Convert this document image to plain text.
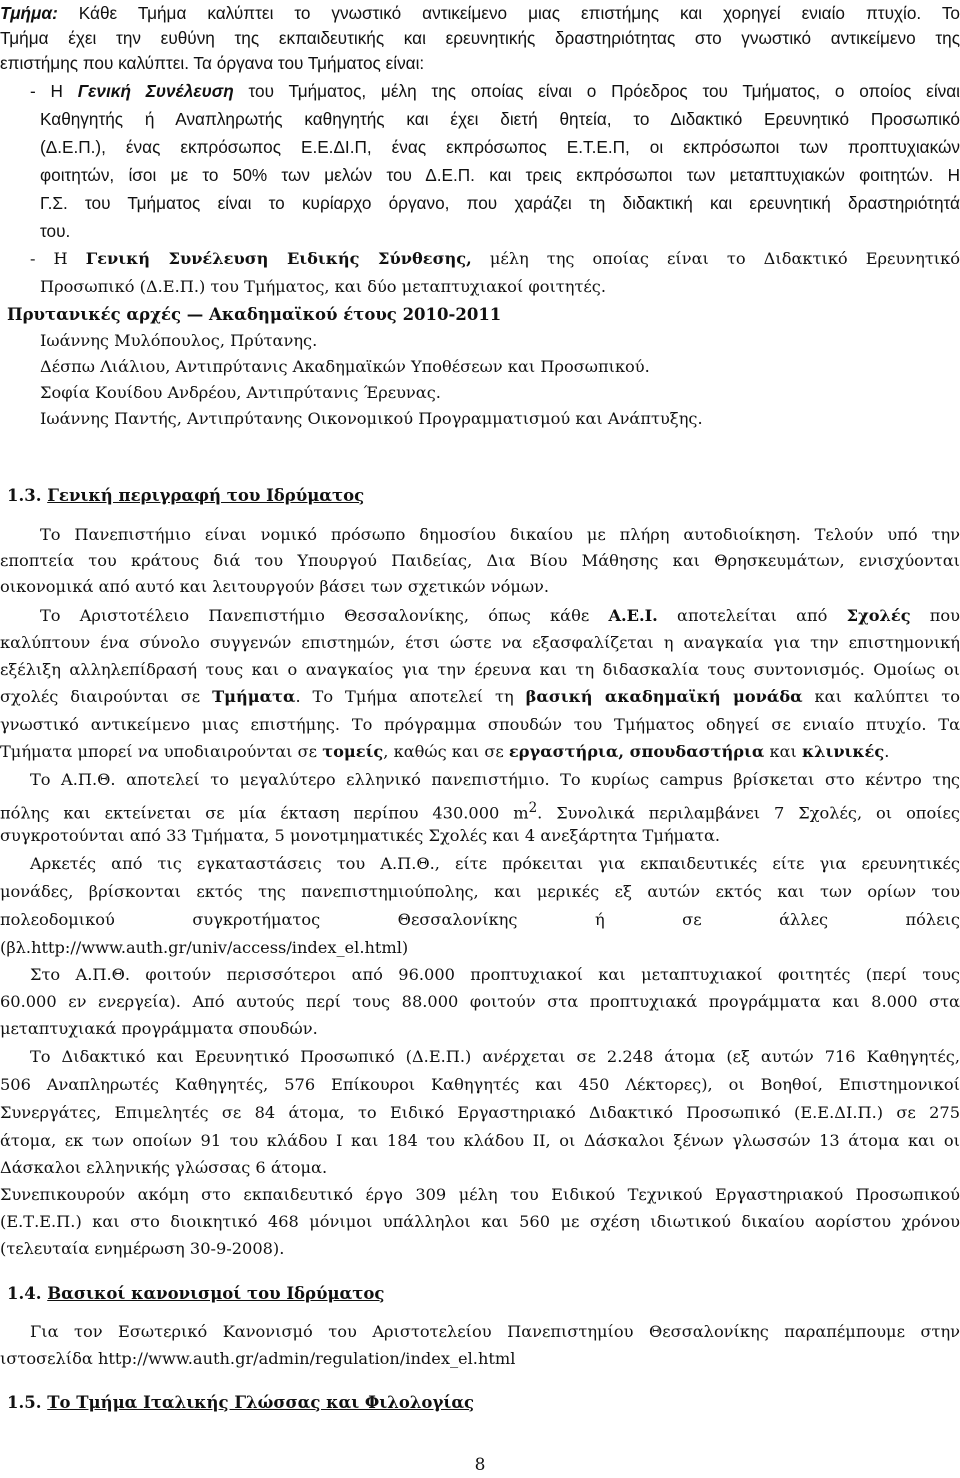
Τμήμα: Κάθε Τμήμα καλύπτει το γνωστικό αντικείμενο μιας επιστήμης και χορηγεί ενιαίο πτυχίο. Το
Τμήμα έχει την ευθύνη της εκπαιδευτικής και ερευνητικής δραστηριότητας στο γνωστικό αντικείμενο της
επιστήμης που καλύπτει. Τα όργανα του Τμήματος είναι:
- Η Γενική Συνέλευση του Τμήματος, μέλη της οποίας είναι ο Πρόεδρος του Τμήματος, ο οποίος είναι
Καθηγητής ή Αναπληρωτής καθηγητής και έχει διετή θητεία, το Διδακτικό Ερευνητικό Προσωπικό
(Δ.Ε.Π.), ένας εκπρόσωπος Ε.Ε.ΔΙ.Π, ένας εκπρόσωπος Ε.Τ.Ε.Π, οι εκπρόσωποι των προπτυχιακών
φοιτητών, ίσοι με το 50% των μελών του Δ.Ε.Π. και τρεις εκπρόσωποι των μεταπτυχιακών φοιτητών. Η
Γ.Σ. του Τμήματος είναι το κυρίαρχο όργανο, που χαράζει τη διδακτική και ερευνητική δραστηριότητά
του.
- Η Γενική Συνέλευση Ειδικής Σύνθεσης, μέλη της οποίας είναι το Διδακτικό Ερευνητικό
Προσωπικό (Δ.Ε.Π.) του Τμήματος, και δύο μεταπτυχιακοί φοιτητές.
Πρυτανικές αρχές — Ακαδημαϊκού έτους 2010-2011
Ιωάννης Μυλόπουλος, Πρύτανης.
Δέσπω Λιάλιου, Αντιπρύτανις Ακαδημαϊκών Υποθέσεων και Προσωπικού.
Σοφία Κουίδου Ανδρέου, Αντιπρύτανις Έρευνας.
Ιωάννης Παντής, Αντιπρύτανης Οικονομικού Προγραμματισμού και Ανάπτυξης.
1.3. Γενική περιγραφή του Ιδρύματος
Το Πανεπιστήμιο είναι νομικό πρόσωπο δημοσίου δικαίου με πλήρη αυτοδιοίκηση. Τελούν υπό την
εποπτεία του κράτους διά του Υπουργού Παιδείας, Δια Βίου Μάθησης και Θρησκευμάτων, ενισχύονται
οικονομικά από αυτό και λειτουργούν βάσει των σχετικών νόμων.
Το Αριστοτέλειο Πανεπιστήμιο Θεσσαλονίκης, όπως κάθε Α.Ε.Ι. αποτελείται από Σχολές που
καλύπτουν ένα σύνολο συγγενών επιστημών, έτσι ώστε να εξασφαλίζεται η αναγκαία για την επιστημονική
εξέλιξη αλληλεπίδρασή τους και ο αναγκαίος για την έρευνα και τη διδασκαλία τους συντονισμός. Ομοίως οι
σχολές διαιρούνται σε Τμήματα. Το Τμήμα αποτελεί τη βασική ακαδημαϊκή μονάδα και καλύπτει το
γνωστικό αντικείμενο μιας επιστήμης. Το πρόγραμμα σπουδών του Τμήματος οδηγεί σε ενιαίο πτυχίο. Τα
Τμήματα μπορεί να υποδιαιρούνται σε τομείς, καθώς και σε εργαστήρια, σπουδαστήρια και κλινικές.
Το Α.Π.Θ. αποτελεί το μεγαλύτερο ελληνικό πανεπιστήμιο. Το κυρίως campus βρίσκεται στο κέντρο της
πόλης και εκτείνεται σε μία έκταση περίπου 430.000 $m^2$. Συνολικά περιλαμβάνει 7 Σχολές, οι οποίες
συγκροτούνται από 33 Τμήματα, 5 μονοτμηματικές Σχολές και 4 ανεξάρτητα Τμήματα.
Αρκετές από τις εγκαταστάσεις του Α.Π.Θ., είτε πρόκειται για εκπαιδευτικές είτε για ερευνητικές
μονάδες, βρίσκονται εκτός της πανεπιστημιούπολης, και μερικές εξ αυτών εκτός και των ορίων του
πολεοδομικού συγκροτήματος Θεσσαλονίκης ή σε άλλες πόλεις
(βλ.http://www.auth.gr/univ/access/index_el.html)
Στο Α.Π.Θ. φοιτούν περισσότεροι από 96.000 προπτυχιακοί και μεταπτυχιακοί φοιτητές (περί τους
60.000 εν ενεργεία). Από αυτούς περί τους 88.000 φοιτούν στα προπτυχιακά προγράμματα και 8.000 στα
μεταπτυχιακά προγράμματα σπουδών.
Το Διδακτικό και Ερευνητικό Προσωπικό (Δ.Ε.Π.) ανέρχεται σε 2.248 άτομα (εξ αυτών 716 Καθηγητές,
506 Αναπληρωτές Καθηγητές, 576 Επίκουροι Καθηγητές και 450 Λέκτορες), οι Βοηθοί, Επιστημονικοί
Συνεργάτες, Επιμελητές σε 84 άτομα, το Ειδικό Εργαστηριακό Διδακτικό Προσωπικό (Ε.Ε.ΔΙ.Π.) σε 275
άτομα, εκ των οποίων 91 του κλάδου Ι και 184 του κλάδου ΙΙ, οι Δάσκαλοι ξένων γλωσσών 13 άτομα και οι
Δάσκαλοι ελληνικής γλώσσας 6 άτομα.
Συνεπικουρούν ακόμη στο εκπαιδευτικό έργο 309 μέλη του Ειδικού Τεχνικού Εργαστηριακού Προσωπικού
(Ε.Τ.Ε.Π.) και στο διοικητικό 468 μόνιμοι υπάλληλοι και 560 με σχέση ιδιωτικού δικαίου αορίστου χρόνου
(τελευταία ενημέρωση 30-9-2008).
1.4. Βασικοί κανονισμοί του Ιδρύματος
Για τον Εσωτερικό Κανονισμό του Αριστοτελείου Πανεπιστημίου Θεσσαλονίκης παραπέμπουμε στην
ιστοσελίδα http://www.auth.gr/admin/regulation/index_el.html
1.5. Το Τμήμα Ιταλικής Γλώσσας και Φιλολογίας
8
